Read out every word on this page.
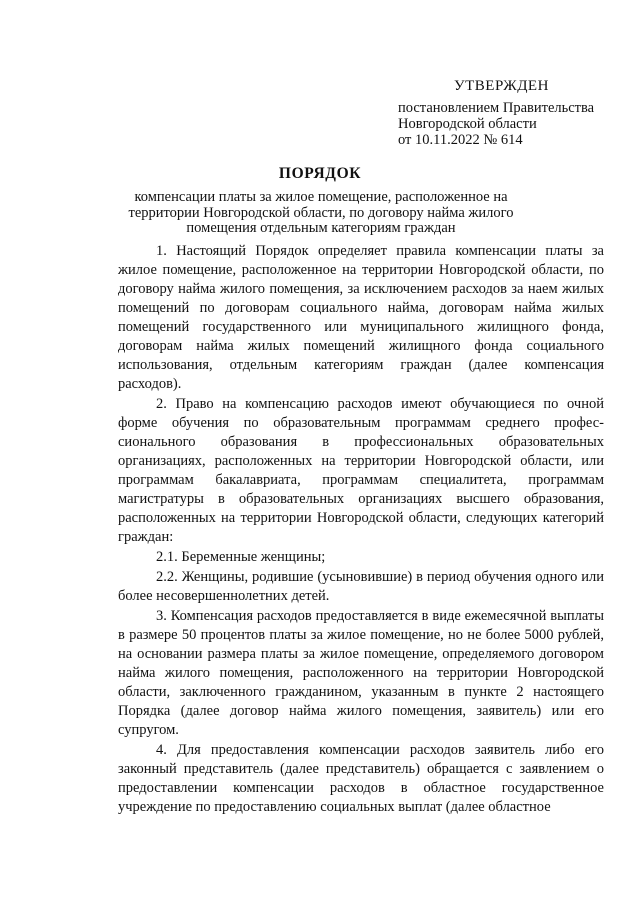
УТВЕРЖДЕН
постановлением Правительства
Новгородской области
от 10.11.2022 № 614
ПОРЯДОК
компенсации платы за жилое помещение, расположенное на территории Новгородской области, по договору найма жилого помещения отдельным категориям граждан

1. Настоящий Порядок определяет правила компенсации платы за жилое помещение, расположенное на территории Новгородской области, по договору найма жилого помещения, за исключением расходов за наем жилых помещений по договорам социального найма, договорам найма жилых помещений государственного или муниципального жилищного фонда, договорам найма жилых помещений жилищного фонда социального использования, отдельным категориям граждан (далее компенсация расходов).

2. Право на компенсацию расходов имеют обучающиеся по очной форме обучения по образовательным программам среднего профес-сионального образования в профессиональных образовательных организациях, расположенных на территории Новгородской области, или программам бакалавриата, программам специалитета, программам магистратуры в образовательных организациях высшего образования, расположенных на территории Новгородской области, следующих категорий граждан:

2.1. Беременные женщины;

2.2. Женщины, родившие (усыновившие) в период обучения одного или более несовершеннолетних детей.

3. Компенсация расходов предоставляется в виде ежемесячной выплаты в размере 50 процентов платы за жилое помещение, но не более 5000 рублей, на основании размера платы за жилое помещение, определяемого договором найма жилого помещения, расположенного на территории Новгородской области, заключенного гражданином, указанным в пункте 2 настоящего Порядка (далее договор найма жилого помещения, заявитель) или его супругом.

4. Для предоставления компенсации расходов заявитель либо его законный представитель (далее представитель) обращается с заявлением о предоставлении компенсации расходов в областное государственное учреждение по предоставлению социальных выплат (далее областное
